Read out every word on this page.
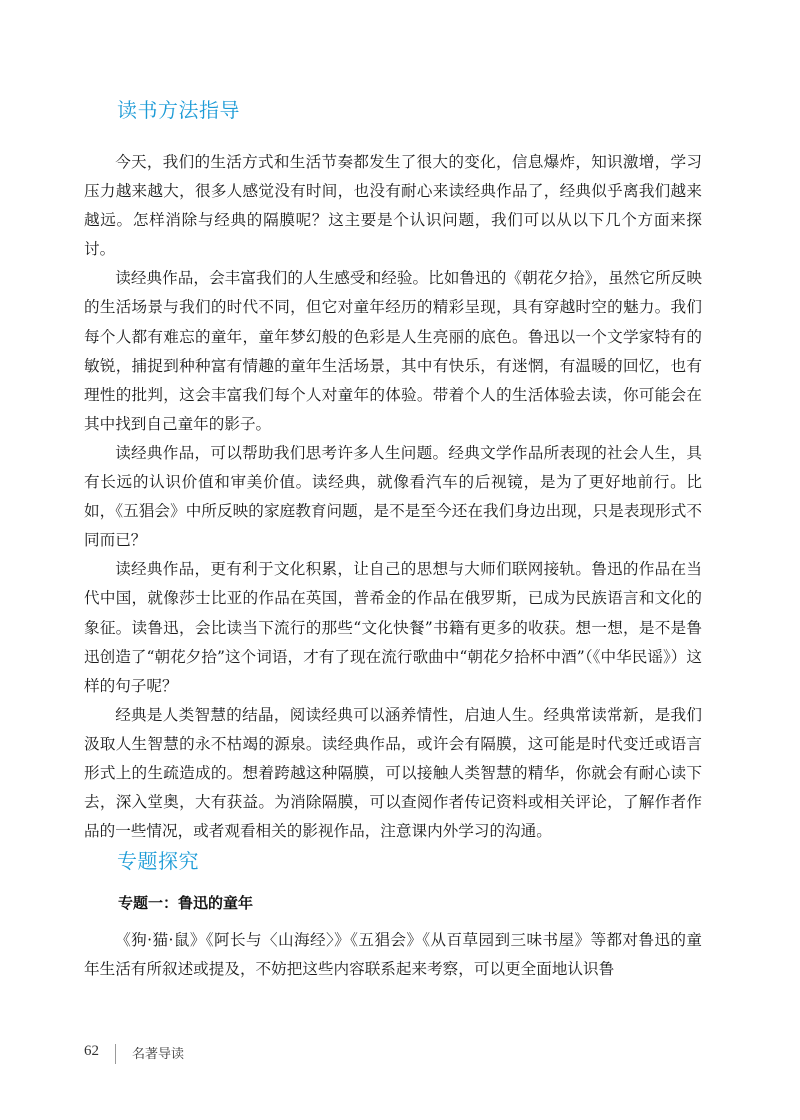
读书方法指导

今天，我们的生活方式和生活节奏都发生了很大的变化，信息爆炸，知识激增，学习压力越来越大，很多人感觉没有时间，也没有耐心来读经典作品了，经典似乎离我们越来越远。怎样消除与经典的隔膜呢？这主要是个认识问题，我们可以从以下几个方面来探讨。

读经典作品，会丰富我们的人生感受和经验。比如鲁迅的《朝花夕拾》，虽然它所反映的生活场景与我们的时代不同，但它对童年经历的精彩呈现，具有穿越时空的魅力。我们每个人都有难忘的童年，童年梦幻般的色彩是人生亮丽的底色。鲁迅以一个文学家特有的敏锐，捕捉到种种富有情趣的童年生活场景，其中有快乐，有迷惘，有温暖的回忆，也有理性的批判，这会丰富我们每个人对童年的体验。带着个人的生活体验去读，你可能会在其中找到自己童年的影子。

读经典作品，可以帮助我们思考许多人生问题。经典文学作品所表现的社会人生，具有长远的认识价值和审美价值。读经典，就像看汽车的后视镜，是为了更好地前行。比如，《五猖会》中所反映的家庭教育问题，是不是至今还在我们身边出现，只是表现形式不同而已？

读经典作品，更有利于文化积累，让自己的思想与大师们联网接轨。鲁迅的作品在当代中国，就像莎士比亚的作品在英国，普希金的作品在俄罗斯，已成为民族语言和文化的象征。读鲁迅，会比读当下流行的那些“文化快餐”书籍有更多的收获。想一想，是不是鲁迅创造了“朝花夕拾”这个词语，才有了现在流行歌曲中“朝花夕拾杯中酒”（《中华民谣》）这样的句子呢？

经典是人类智慧的结晶，阅读经典可以涵养情性，启迪人生。经典常读常新，是我们汲取人生智慧的永不枯竭的源泉。读经典作品，或许会有隔膜，这可能是时代变迁或语言形式上的生疏造成的。想着跨越这种隔膜，可以接触人类智慧的精华，你就会有耐心读下去，深入堂奥，大有获益。为消除隔膜，可以查阅作者传记资料或相关评论，了解作者作品的一些情况，或者观看相关的影视作品，注意课内外学习的沟通。

专题探究
专题一：鲁迅的童年

《狗·猫·鼠》《阿长与〈山海经〉》《五猖会》《从百草园到三味书屋》等都对鲁迅的童年生活有所叙述或提及，不妨把这些内容联系起来考察，可以更全面地认识鲁

62	名著导读
